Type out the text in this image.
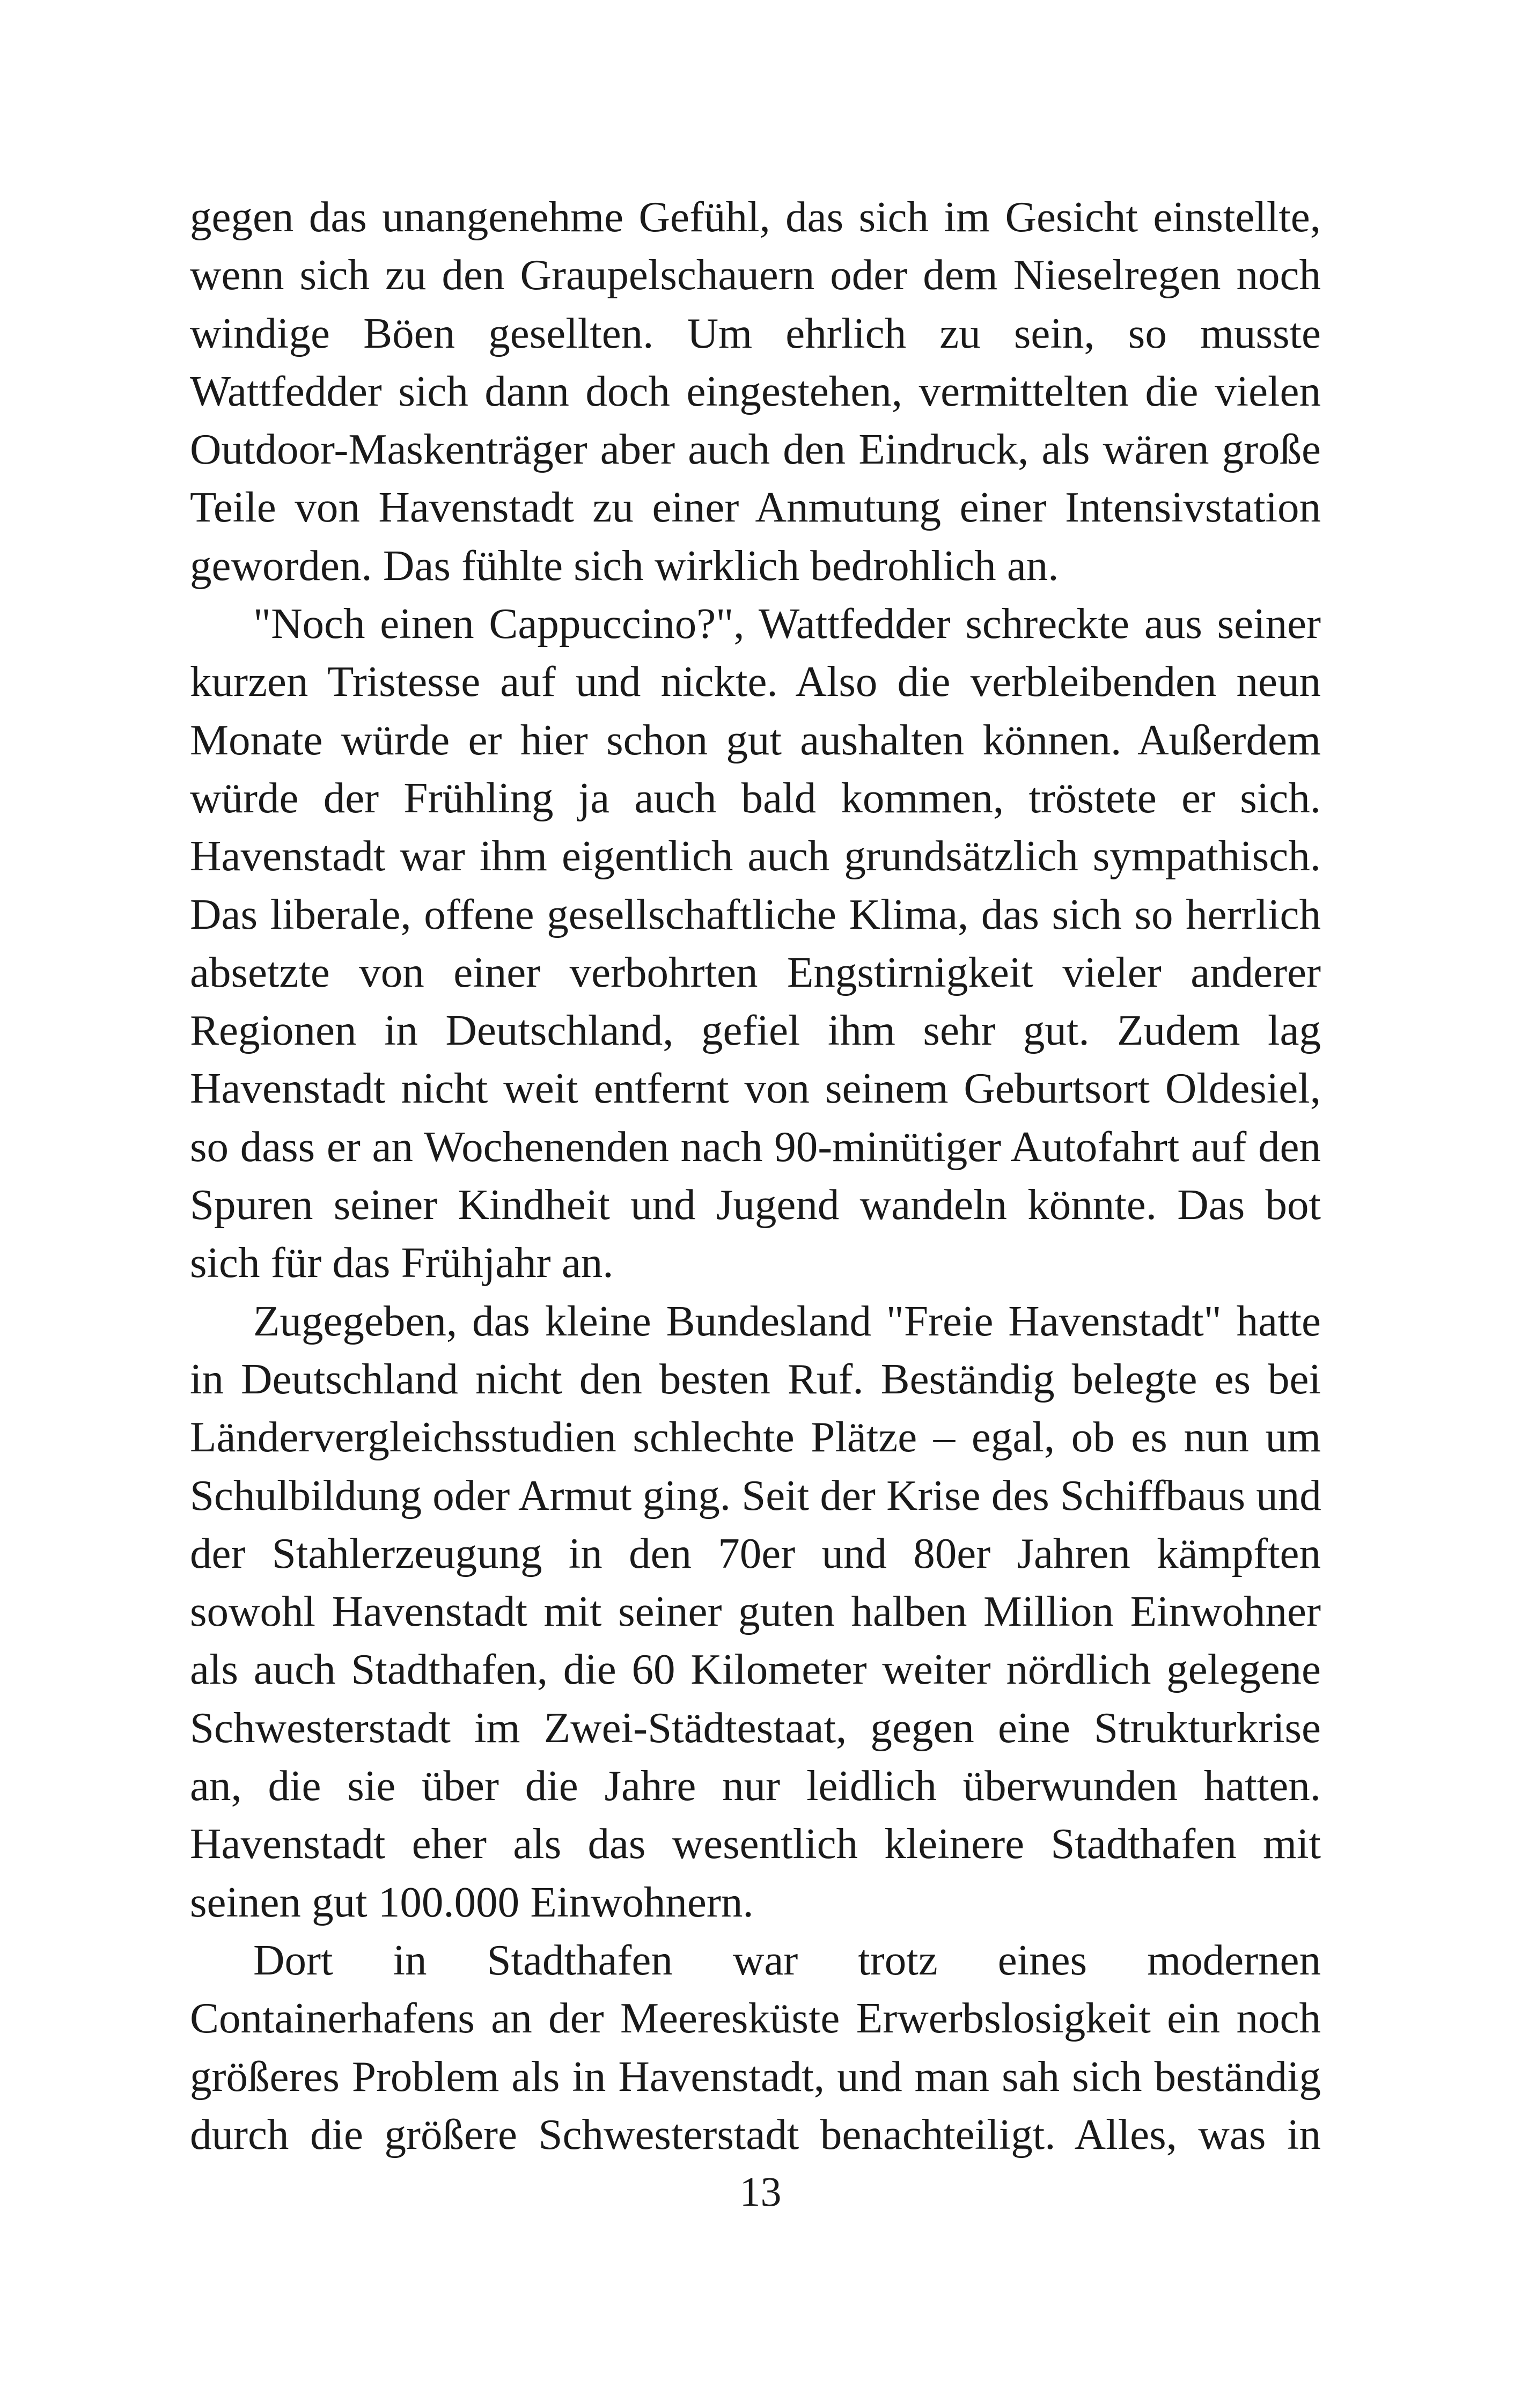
gegen das unangenehme Gefühl, das sich im Gesicht einstellte,
wenn sich zu den Graupelschauern oder dem Nieselregen noch
windige Böen gesellten. Um ehrlich zu sein, so musste
Wattfedder sich dann doch eingestehen, vermittelten die vielen
Outdoor-Maskenträger aber auch den Eindruck, als wären große
Teile von Havenstadt zu einer Anmutung einer Intensivstation
geworden. Das fühlte sich wirklich bedrohlich an.
"Noch einen Cappuccino?", Wattfedder schreckte aus seiner
kurzen Tristesse auf und nickte. Also die verbleibenden neun
Monate würde er hier schon gut aushalten können. Außerdem
würde der Frühling ja auch bald kommen, tröstete er sich.
Havenstadt war ihm eigentlich auch grundsätzlich sympathisch.
Das liberale, offene gesellschaftliche Klima, das sich so herrlich
absetzte von einer verbohrten Engstirnigkeit vieler anderer
Regionen in Deutschland, gefiel ihm sehr gut. Zudem lag
Havenstadt nicht weit entfernt von seinem Geburtsort Oldesiel,
so dass er an Wochenenden nach 90-minütiger Autofahrt auf den
Spuren seiner Kindheit und Jugend wandeln könnte. Das bot
sich für das Frühjahr an.
Zugegeben, das kleine Bundesland "Freie Havenstadt" hatte
in Deutschland nicht den besten Ruf. Beständig belegte es bei
Ländervergleichsstudien schlechte Plätze – egal, ob es nun um
Schulbildung oder Armut ging. Seit der Krise des Schiffbaus und
der Stahlerzeugung in den 70er und 80er Jahren kämpften
sowohl Havenstadt mit seiner guten halben Million Einwohner
als auch Stadthafen, die 60 Kilometer weiter nördlich gelegene
Schwesterstadt im Zwei-Städtestaat, gegen eine Strukturkrise
an, die sie über die Jahre nur leidlich überwunden hatten.
Havenstadt eher als das wesentlich kleinere Stadthafen mit
seinen gut 100.000 Einwohnern.
Dort in Stadthafen war trotz eines modernen
Containerhafens an der Meeresküste Erwerbslosigkeit ein noch
größeres Problem als in Havenstadt, und man sah sich beständig
durch die größere Schwesterstadt benachteiligt. Alles, was in
13
